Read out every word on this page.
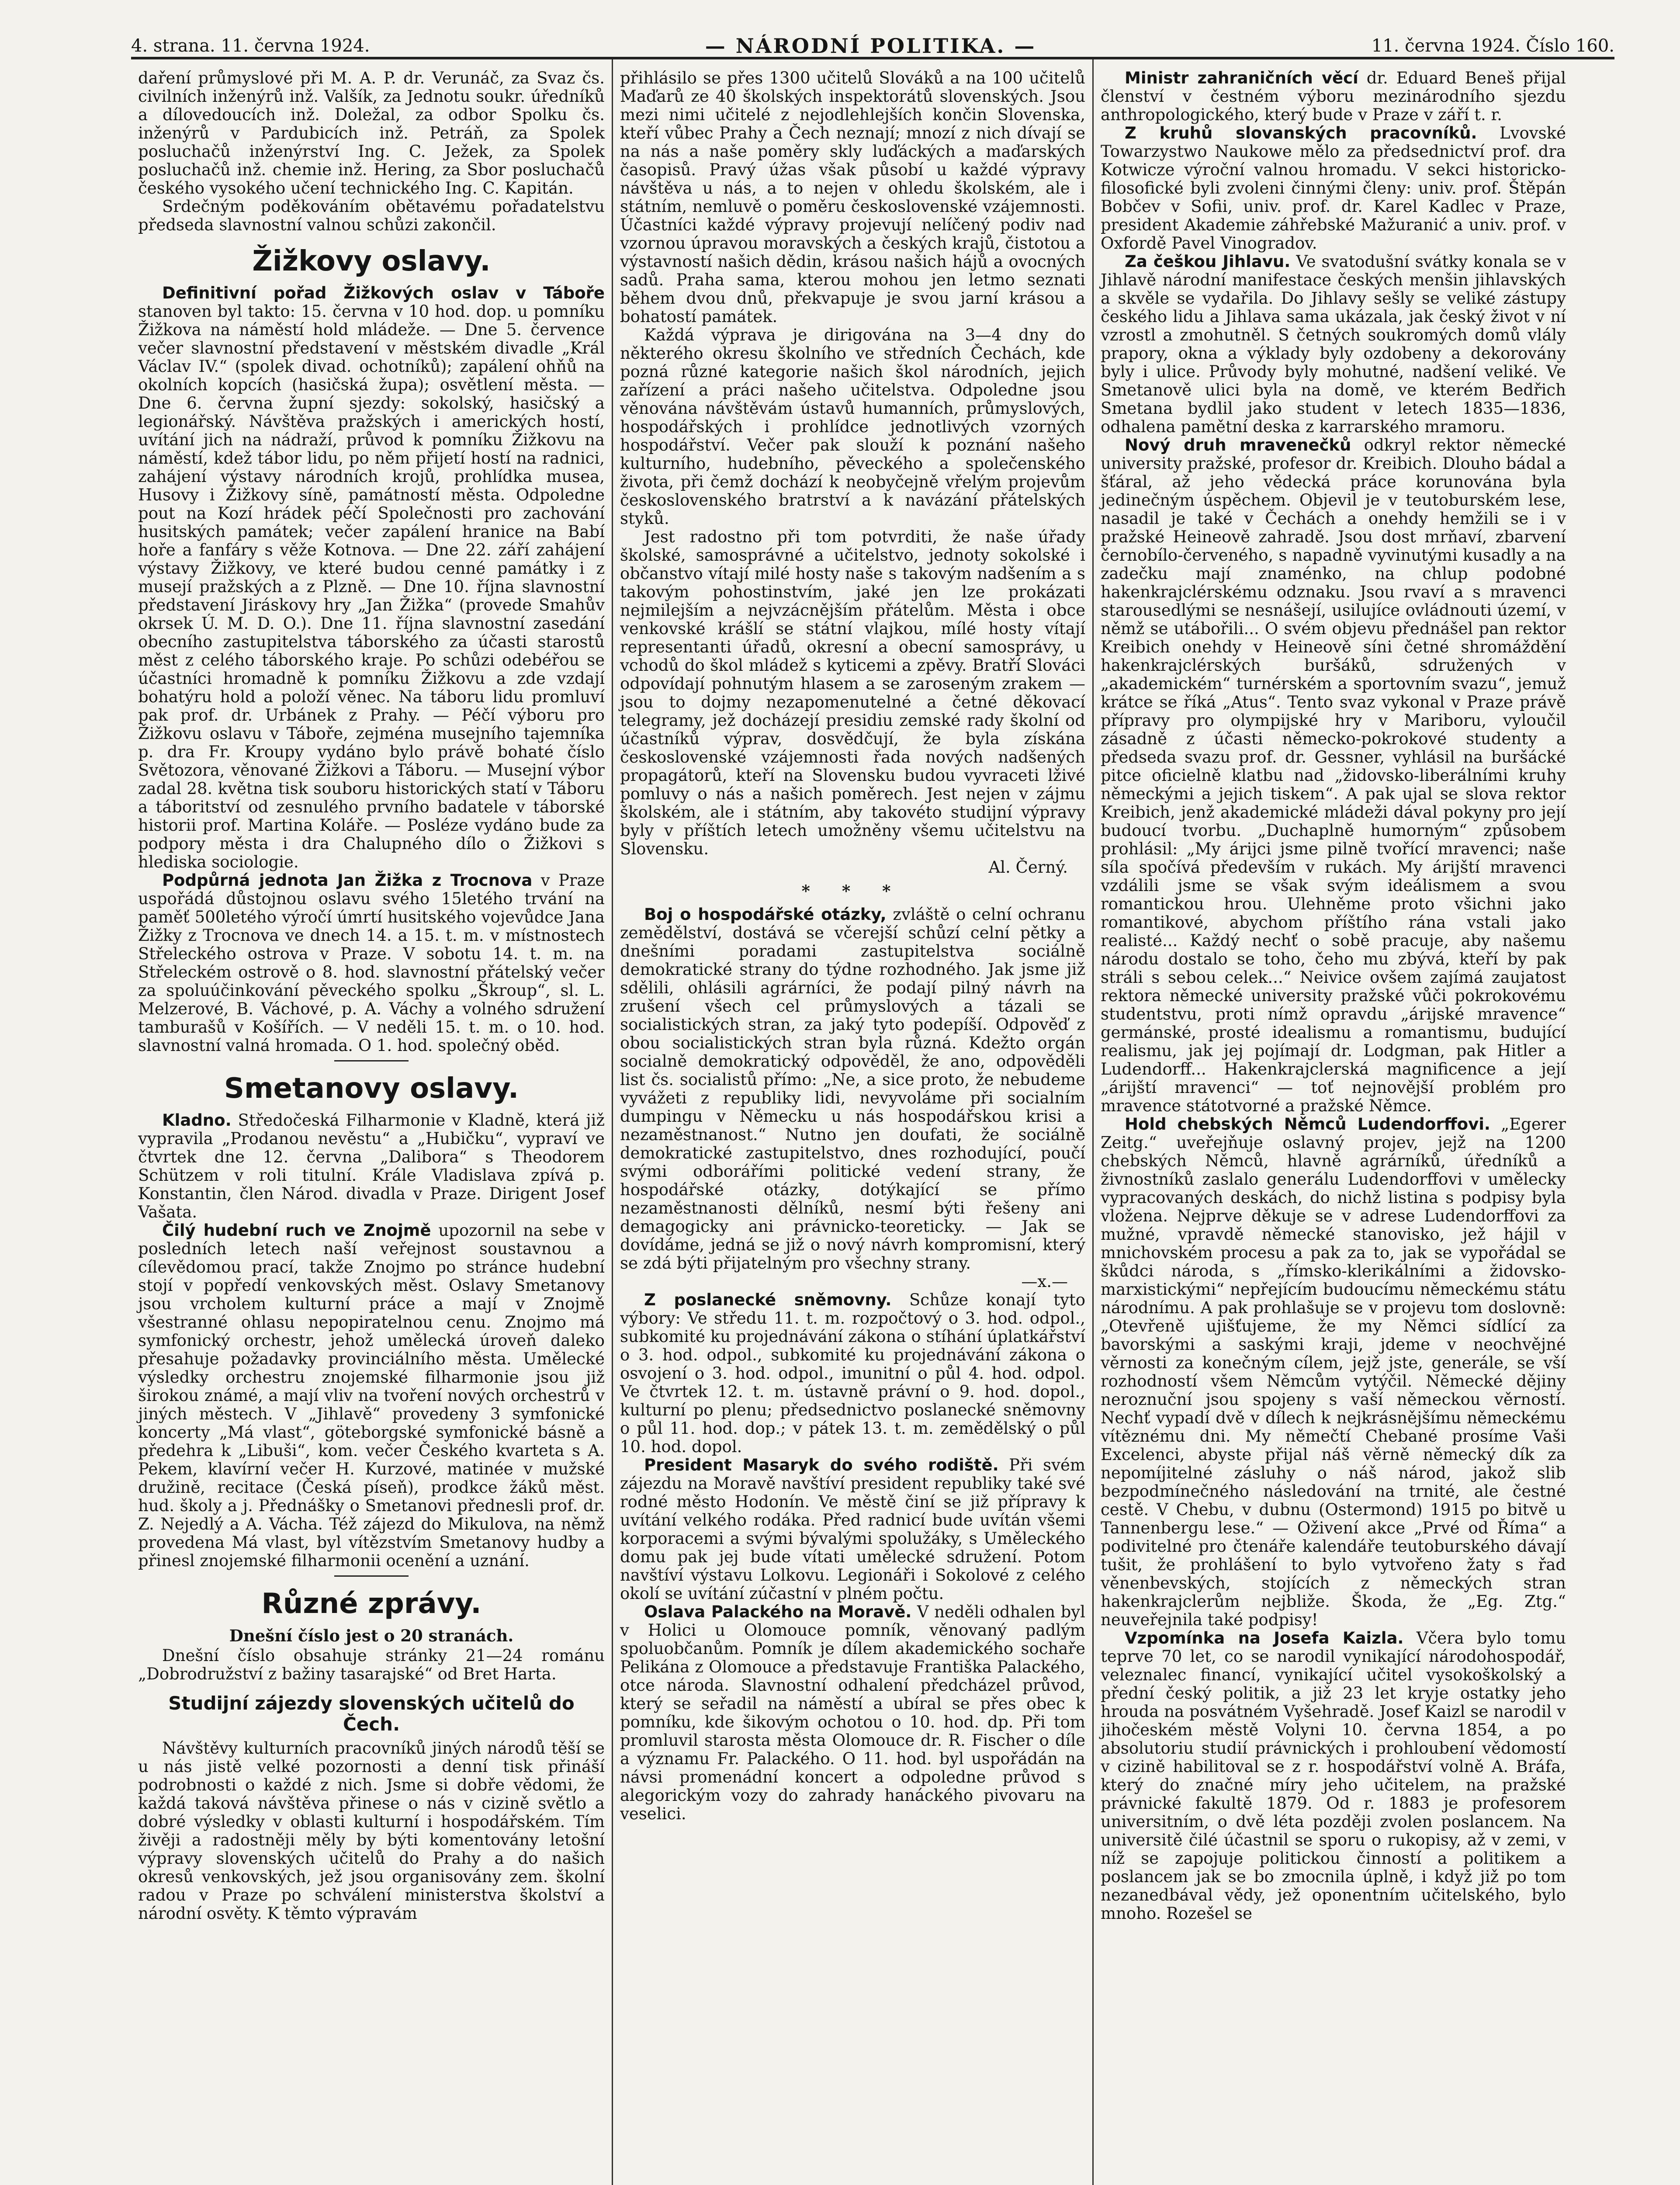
4. strana. 11. června 1924.	— NÁRODNÍ POLITIKA. —	11. června 1924. Číslo 160.

daření průmyslové při M. A. P. dr. Verunáč, za Svaz čs. civilních inženýrů inž. Valšík, za Jednotu soukr. úředníků a dílovedoucích inž. Doležal, za odbor Spolku čs. inženýrů v Pardubicích inž. Petráň, za Spolek posluchačů inženýrství Ing. C. Ježek, za Spolek posluchačů inž. chemie inž. Hering, za Sbor posluchačů českého vysokého učení technického Ing. C. Kapitán.

Srdečným poděkováním obětavému pořadatelstvu předseda slavnostní valnou schůzi zakončil.

Žižkovy oslavy.

Definitivní pořad Žižkových oslav v Táboře stanoven byl takto: 15. června v 10 hod. dop. u pomníku Žižkova na náměstí hold mládeže. — Dne 5. července večer slavnostní představení v městském divadle „Král Václav IV.“ (spolek divad. ochotníků); zapálení ohňů na okolních kopcích (hasičská župa); osvětlení města. — Dne 6. června župní sjezdy: sokolský, hasičský a legionářský. Návštěva pražských i amerických hostí, uvítání jich na nádraží, průvod k pomníku Žižkovu na náměstí, kdež tábor lidu, po něm přijetí hostí na radnici, zahájení výstavy národních krojů, prohlídka musea, Husovy i Žižkovy síně, památností města. Odpoledne pout na Kozí hrádek péčí Společnosti pro zachování husitských památek; večer zapálení hranice na Babí hoře a fanfáry s věže Kotnova. — Dne 22. září zahájení výstavy Žižkovy, ve které budou cenné památky i z musejí pražských a z Plzně. — Dne 10. října slavnostní představení Jiráskovy hry „Jan Žižka“ (provede Smahův okrsek Ú. M. D. O.). Dne 11. října slavnostní zasedání obecního zastupitelstva táborského za účasti starostů měst z celého táborského kraje. Po schůzi odebéřou se účastníci hromadně k pomníku Žižkovu a zde vzdají bohatýru hold a položí věnec. Na táboru lidu promluví pak prof. dr. Urbánek z Prahy. — Péčí výboru pro Žižkovu oslavu v Táboře, zejména musejního tajemníka p. dra Fr. Kroupy vydáno bylo právě bohaté číslo Světozora, věnované Žižkovi a Táboru. — Musejní výbor zadal 28. května tisk souboru historických statí v Táboru a táboritství od zesnulého prvního badatele v táborské historii prof. Martina Koláře. — Posléze vydáno bude za podpory města i dra Chalupného dílo o Žižkovi s hlediska sociologie.

Podpůrná jednota Jan Žižka z Trocnova v Praze uspořádá důstojnou oslavu svého 15letého trvání na paměť 500letého výročí úmrtí husitského vojevůdce Jana Žižky z Trocnova ve dnech 14. a 15. t. m. v místnostech Střeleckého ostrova v Praze. V sobotu 14. t. m. na Střeleckém ostrově o 8. hod. slavnostní přátelský večer za spoluúčinkování pěveckého spolku „Škroup“, sl. L. Melzerové, B. Váchové, p. A. Váchy a volného sdružení tamburašů v Košířích. — V neděli 15. t. m. o 10. hod. slavnostní valná hromada. O 1. hod. společný oběd.

Smetanovy oslavy.

Kladno. Středočeská Filharmonie v Kladně, která již vypravila „Prodanou nevěstu“ a „Hubičku“, vypraví ve čtvrtek dne 12. června „Dalibora“ s Theodorem Schützem v roli titulní. Krále Vladislava zpívá p. Konstantin, člen Národ. divadla v Praze. Dirigent Josef Vašata.

Čilý hudební ruch ve Znojmě upozornil na sebe v posledních letech naší veřejnost soustavnou a cílevědomou prací, takže Znojmo po stránce hudební stojí v popředí venkovských měst. Oslavy Smetanovy jsou vrcholem kulturní práce a mají v Znojmě všestranné ohlasu nepopiratelnou cenu. Znojmo má symfonický orchestr, jehož umělecká úroveň daleko přesahuje požadavky provinciálního města. Umělecké výsledky orchestru znojemské filharmonie jsou již širokou známé, a mají vliv na tvoření nových orchestrů v jiných městech. V „Jihlavě“ provedeny 3 symfonické koncerty „Má vlast“, göteborgské symfonické básně a předehra k „Libuši“, kom. večer Českého kvarteta s A. Pekem, klavírní večer H. Kurzové, matinée v mužské družině, recitace (Česká píseň), prodkce žáků měst. hud. školy a j. Přednášky o Smetanovi přednesli prof. dr. Z. Nejedlý a A. Vácha. Též zájezd do Mikulova, na němž provedena Má vlast, byl vítězstvím Smetanovy hudby a přinesl znojemské filharmonii ocenění a uznání.

Různé zprávy.
Dnešní číslo jest o 20 stranách.

Dnešní číslo obsahuje stránky 21—24 románu „Dobrodružství z bažiny tasarajské“ od Bret Harta.

Studijní zájezdy slovenských učitelů do Čech.

Návštěvy kulturních pracovníků jiných národů těší se u nás jistě velké pozornosti a denní tisk přináší podrobnosti o každé z nich. Jsme si dobře vědomi, že každá taková návštěva přinese o nás v cizině světlo a dobré výsledky v oblasti kulturní i hospodářském. Tím živěji a radostněji měly by býti komentovány letošní výpravy slovenských učitelů do Prahy a do našich okresů venkovských, jež jsou organisovány zem. školní radou v Praze po schválení ministerstva školství a národní osvěty. K těmto výpravám

přihlásilo se přes 1300 učitelů Slováků a na 100 učitelů Maďarů ze 40 školských inspektorátů slovenských. Jsou mezi nimi učitelé z nejodlehlejších končin Slovenska, kteří vůbec Prahy a Čech neznají; mnozí z nich dívají se na nás a naše poměry skly luďáckých a maďarských časopisů. Pravý úžas však působí u každé výpravy návštěva u nás, a to nejen v ohledu školském, ale i státním, nemluvě o poměru československé vzájemnosti. Účastníci každé výpravy projevují nelíčený podiv nad vzornou úpravou moravských a českých krajů, čistotou a výstavností našich dědin, krásou našich hájů a ovocných sadů. Praha sama, kterou mohou jen letmo seznati během dvou dnů, překvapuje je svou jarní krásou a bohatostí památek.

Každá výprava je dirigována na 3—4 dny do některého okresu školního ve středních Čechách, kde pozná různé kategorie našich škol národních, jejich zařízení a práci našeho učitelstva. Odpoledne jsou věnována návštěvám ústavů humanních, průmyslových, hospodářských i prohlídce jednotlivých vzorných hospodářství. Večer pak slouží k poznání našeho kulturního, hudebního, pěveckého a společenského života, při čemž dochází k neobyčejně vřelým projevům československého bratrství a k navázání přátelských styků.

Jest radostno při tom potvrditi, že naše úřady školské, samosprávné a učitelstvo, jednoty sokolské i občanstvo vítají milé hosty naše s takovým nadšením a s takovým pohostinstvím, jaké jen lze prokázati nejmilejším a nejvzácnějším přátelům. Města i obce venkovské krášlí se státní vlajkou, mílé hosty vítají representanti úřadů, okresní a obecní samosprávy, u vchodů do škol mládež s kyticemi a zpěvy. Bratří Slováci odpovídají pohnutým hlasem a se zaroseným zrakem — jsou to dojmy nezapomenutelné a četné děkovací telegramy, jež docházejí presidiu zemské rady školní od účastníků výprav, dosvědčují, že byla získána československé vzájemnosti řada nových nadšených propagátorů, kteří na Slovensku budou vyvraceti lživé pomluvy o nás a našich poměrech. Jest nejen v zájmu školském, ale i státním, aby takovéto studijní výpravy byly v příštích letech umožněny všemu učitelstvu na Slovensku.

Al. Černý.
* * *

Boj o hospodářské otázky, zvláště o celní ochranu zemědělství, dostává se včerejší schůzí celní pětky a dnešními poradami zastupitelstva sociálně demokratické strany do týdne rozhodného. Jak jsme již sdělili, ohlásili agrárníci, že podají pilný návrh na zrušení všech cel průmyslových a tázali se socialistických stran, za jaký tyto podepíší. Odpověď z obou socialistických stran byla různá. Kdežto orgán socialně demokratický odpověděl, že ano, odpověděli list čs. socialistů přímo: „Ne, a sice proto, že nebudeme vyvážeti z republiky lidi, nevyvoláme při socialním dumpingu v Německu u nás hospodářskou krisi a nezaměstnanost.“ Nutno jen doufati, že sociálně demokratické zastupitelstvo, dnes rozhodující, poučí svými odborářími politické vedení strany, že hospodářské otázky, dotýkající se přímo nezaměstnanosti dělníků, nesmí býti řešeny ani demagogicky ani právnicko-teoreticky. — Jak se dovídáme, jedná se již o nový návrh kompromisní, který se zdá býti přijatelným pro všechny strany.

—x.—

Z poslanecké sněmovny. Schůze konají tyto výbory: Ve středu 11. t. m. rozpočtový o 3. hod. odpol., subkomité ku projednávání zákona o stíhání úplatkářství o 3. hod. odpol., subkomité ku projednávání zákona o osvojení o 3. hod. odpol., imunitní o půl 4. hod. odpol. Ve čtvrtek 12. t. m. ústavně právní o 9. hod. dopol., kulturní po plenu; předsednictvo poslanecké sněmovny o půl 11. hod. dop.; v pátek 13. t. m. zemědělský o půl 10. hod. dopol.

President Masaryk do svého rodiště. Při svém zájezdu na Moravě navštíví president republiky také své rodné město Hodonín. Ve městě činí se již přípravy k uvítání velkého rodáka. Před radnicí bude uvítán všemi korporacemi a svými bývalými spolužáky, s Uměleckého domu pak jej bude vítati umělecké sdružení. Potom navštíví výstavu Lolkovu. Legionáři i Sokolové z celého okolí se uvítání zúčastní v plném počtu.

Oslava Palackého na Moravě. V neděli odhalen byl v Holici u Olomouce pomník, věnovaný padlým spoluobčanům. Pomník je dílem akademického sochaře Pelikána z Olomouce a představuje Františka Palackého, otce národa. Slavnostní odhalení předcházel průvod, který se seřadil na náměstí a ubíral se přes obec k pomníku, kde šikovým ochotou o 10. hod. dp. Při tom promluvil starosta města Olomouce dr. R. Fischer o díle a významu Fr. Palackého. O 11. hod. byl uspořádán na návsi promenádní koncert a odpoledne průvod s alegorickým vozy do zahrady hanáckého pivovaru na veselici.

Ministr zahraničních věcí dr. Eduard Beneš přijal členství v čestném výboru mezinárodního sjezdu anthropologického, který bude v Praze v září t. r.

Z kruhů slovanských pracovníků. Lvovské Towarzystwo Naukowe mělo za předsednictví prof. dra Kotwicze výroční valnou hromadu. V sekci historicko-filosofické byli zvoleni činnými členy: univ. prof. Štěpán Bobčev v Sofii, univ. prof. dr. Karel Kadlec v Praze, president Akademie záhřebské Mažuranić a univ. prof. v Oxfordě Pavel Vinogradov.

Za češkou Jihlavu. Ve svatodušní svátky konala se v Jihlavě národní manifestace českých menšin jihlavských a skvěle se vydařila. Do Jihlavy sešly se veliké zástupy českého lidu a Jihlava sama ukázala, jak český život v ní vzrostl a zmohutněl. S četných soukromých domů vlály prapory, okna a výklady byly ozdobeny a dekorovány byly i ulice. Průvody byly mohutné, nadšení veliké. Ve Smetanově ulici byla na domě, ve kterém Bedřich Smetana bydlil jako student v letech 1835—1836, odhalena pamětní deska z karrarského mramoru.

Nový druh mravenečků odkryl rektor německé university pražské, profesor dr. Kreibich. Dlouho bádal a šťáral, až jeho vědecká práce korunována byla jedinečným úspěchem. Objevil je v teutoburském lese, nasadil je také v Čechách a onehdy hemžili se i v pražské Heineově zahradě. Jsou dost mrňaví, zbarvení černobílo-červeného, s napadně vyvinutými kusadly a na zadečku mají znaménko, na chlup podobné hakenkrajclérskému odznaku. Jsou rvaví a s mravenci starousedlými se nesnášejí, usilujíce ovládnouti území, v němž se utábořili... O svém objevu přednášel pan rektor Kreibich onehdy v Heineově síni četné shromáždění hakenkrajclérských buršáků, sdružených v „akademickém“ turnérském a sportovním svazu“, jemuž krátce se říká „Atus“. Tento svaz vykonal v Praze právě přípravy pro olympijské hry v Mariboru, vyloučil zásadně z účasti německo-pokrokové studenty a předseda svazu prof. dr. Gessner, vyhlásil na buršácké pitce oficielně klatbu nad „židovsko-liberálními kruhy německými a jejich tiskem“. A pak ujal se slova rektor Kreibich, jenž akademické mládeži dával pokyny pro její budoucí tvorbu. „Duchaplně humorným“ způsobem prohlásil: „My árijci jsme pilně tvořící mravenci; naše síla spočívá především v rukách. My árijští mravenci vzdálili jsme se však svým ideálismem a svou romantickou hrou. Ulehněme proto všichni jako romantikové, abychom příštího rána vstali jako realisté... Každý nechť o sobě pracuje, aby našemu národu dostalo se toho, čeho mu zbývá, kteří by pak stráli s sebou celek...“ Neivice ovšem zajímá zaujatost rektora německé university pražské vůči pokrokovému studentstvu, proti nímž opravdu „árijské mravence“ germánské, prosté idealismu a romantismu, budující realismu, jak jej pojímají dr. Lodgman, pak Hitler a Ludendorff... Hakenkrajclerská magnificence a její „árijští mravenci“ — toť nejnovější problém pro mravence státotvorné a pražské Němce.

Hold chebských Němců Ludendorffovi. „Egerer Zeitg.“ uveřejňuje oslavný projev, jejž na 1200 chebských Němců, hlavně agrárníků, úředníků a živnostníků zaslalo generálu Ludendorffovi v umělecky vypracovaných deskách, do nichž listina s podpisy byla vložena. Nejprve děkuje se v adrese Ludendorffovi za mužné, vpravdě německé stanovisko, jež hájil v mnichovském procesu a pak za to, jak se vypořádal se škůdci národa, s „římsko-klerikálními a židovsko-marxistickými“ nepřejícím budoucímu německému státu národnímu. A pak prohlašuje se v projevu tom doslovně: „Otevřeně ujišťujeme, že my Němci sídlící za bavorskými a saskými kraji, jdeme v neochvějné věrnosti za konečným cílem, jejž jste, generále, se vší rozhodností všem Němcům vytýčil. Německé dějiny neroznuční jsou spojeny s vaší německou věrností. Nechť vypadí dvě v dílech k nejkrásnějšímu německému vítěznému dni. My němečtí Chebané prosíme Vaši Excelenci, abyste přijal náš věrně německý dík za nepomíjitelné zásluhy o náš národ, jakož slib bezpodmínečného následování na trnité, ale čestné cestě. V Chebu, v dubnu (Ostermond) 1915 po bitvě u Tannenbergu lese.“ — Oživení akce „Prvé od Říma“ a podivitelné pro čtenáře kalendáře teutoburského dávají tušit, že prohlášení to bylo vytvořeno žaty s řad věnenbevských, stojících z německých stran hakenkrajclerům nejbliže. Škoda, že „Eg. Ztg.“ neuveřejnila také podpisy!

Vzpomínka na Josefa Kaizla. Včera bylo tomu teprve 70 let, co se narodil vynikající národohospodář, veleznalec financí, vynikající učitel vysokoškolský a přední český politik, a již 23 let kryje ostatky jeho hrouda na posvátném Vyšehradě. Josef Kaizl se narodil v jihočeském městě Volyni 10. června 1854, a po absolutoriu studií právnických i prohloubení vědomostí v cizině habilitoval se z r. hospodářství volně A. Bráfa, který do značné míry jeho učitelem, na pražské právnické fakultě 1879. Od r. 1883 je profesorem universitním, o dvě léta později zvolen poslancem. Na universitě čilé účastnil se sporu o rukopisy, až v zemi, v níž se zapojuje politickou činností a politikem a poslancem jak se bo zmocnila úplně, i když již po tom nezanedbával vědy, jež oponentním učitelského, bylo mnoho. Rozešel se
